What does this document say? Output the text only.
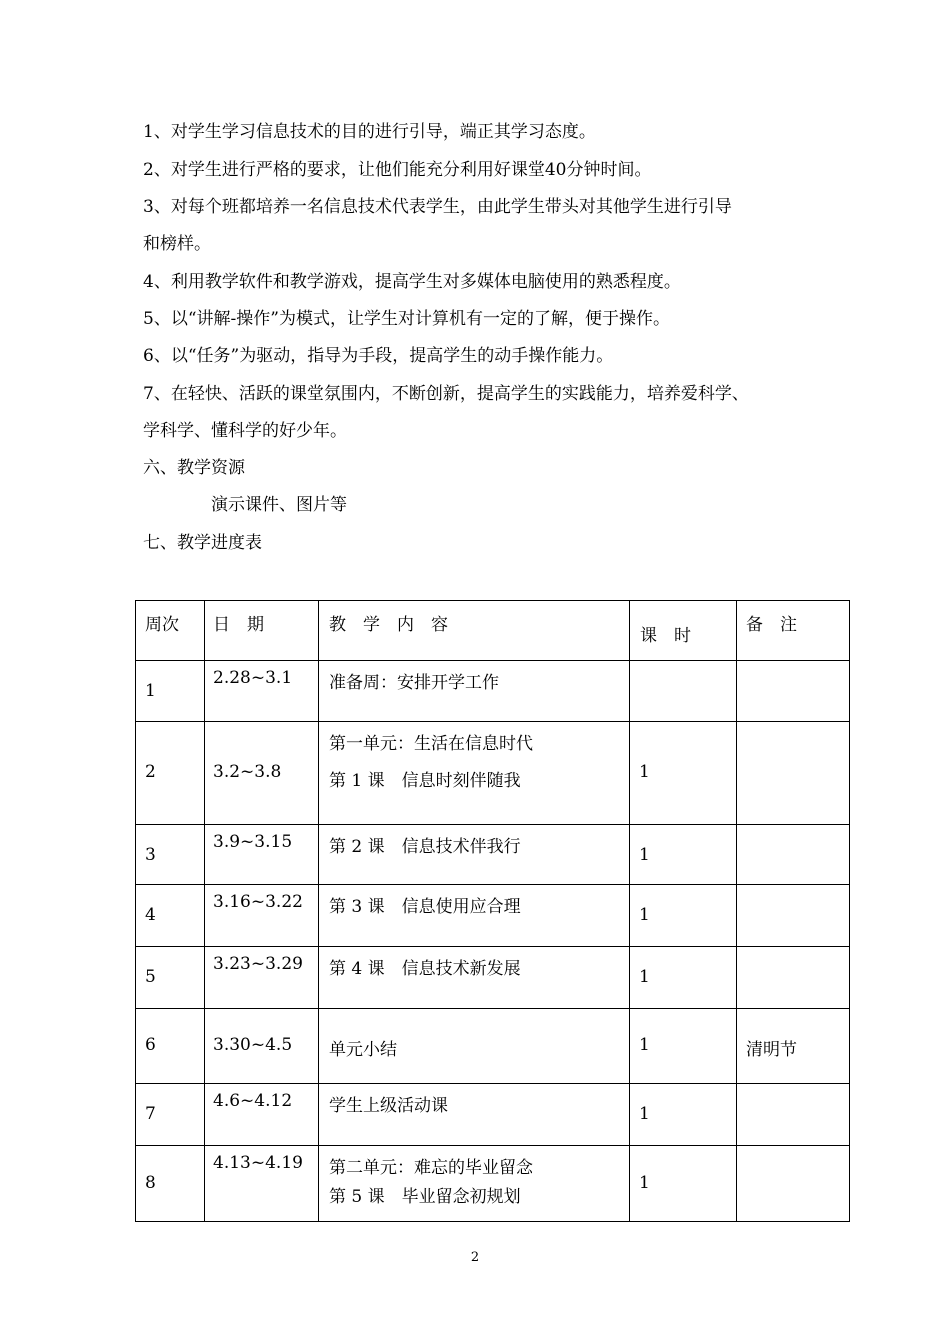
1、对学生学习信息技术的目的进行引导，端正其学习态度。
2、对学生进行严格的要求，让他们能充分利用好课堂40分钟时间。
3、对每个班都培养一名信息技术代表学生，由此学生带头对其他学生进行引导
和榜样。
4、利用教学软件和教学游戏，提高学生对多媒体电脑使用的熟悉程度。
5、以“讲解-操作”为模式，让学生对计算机有一定的了解，便于操作。
6、以“任务”为驱动，指导为手段，提高学生的动手操作能力。
7、在轻快、活跃的课堂氛围内，不断创新，提高学生的实践能力，培养爱科学、
学科学、懂科学的好少年。
六、教学资源
演示课件、图片等
七、教学进度表
周次	日　期	教　学　内　容	课　时	备　注

1	2.28~3.1	准备周：安排开学工作		

2	3.2~3.8	第一单元：生活在信息时代
第 1 课　信息时刻伴随我	1	

3	3.9~3.15	第 2 课　信息技术伴我行	1	

4	3.16~3.22	第 3 课　信息使用应合理	1	

5	3.23~3.29	第 4 课　信息技术新发展	1	

6	3.30~4.5	单元小结	1	清明节

7	4.6~4.12	学生上级活动课	1	

8	4.13~4.19	第二单元：难忘的毕业留念
第 5 课　毕业留念初规划	1	

2
